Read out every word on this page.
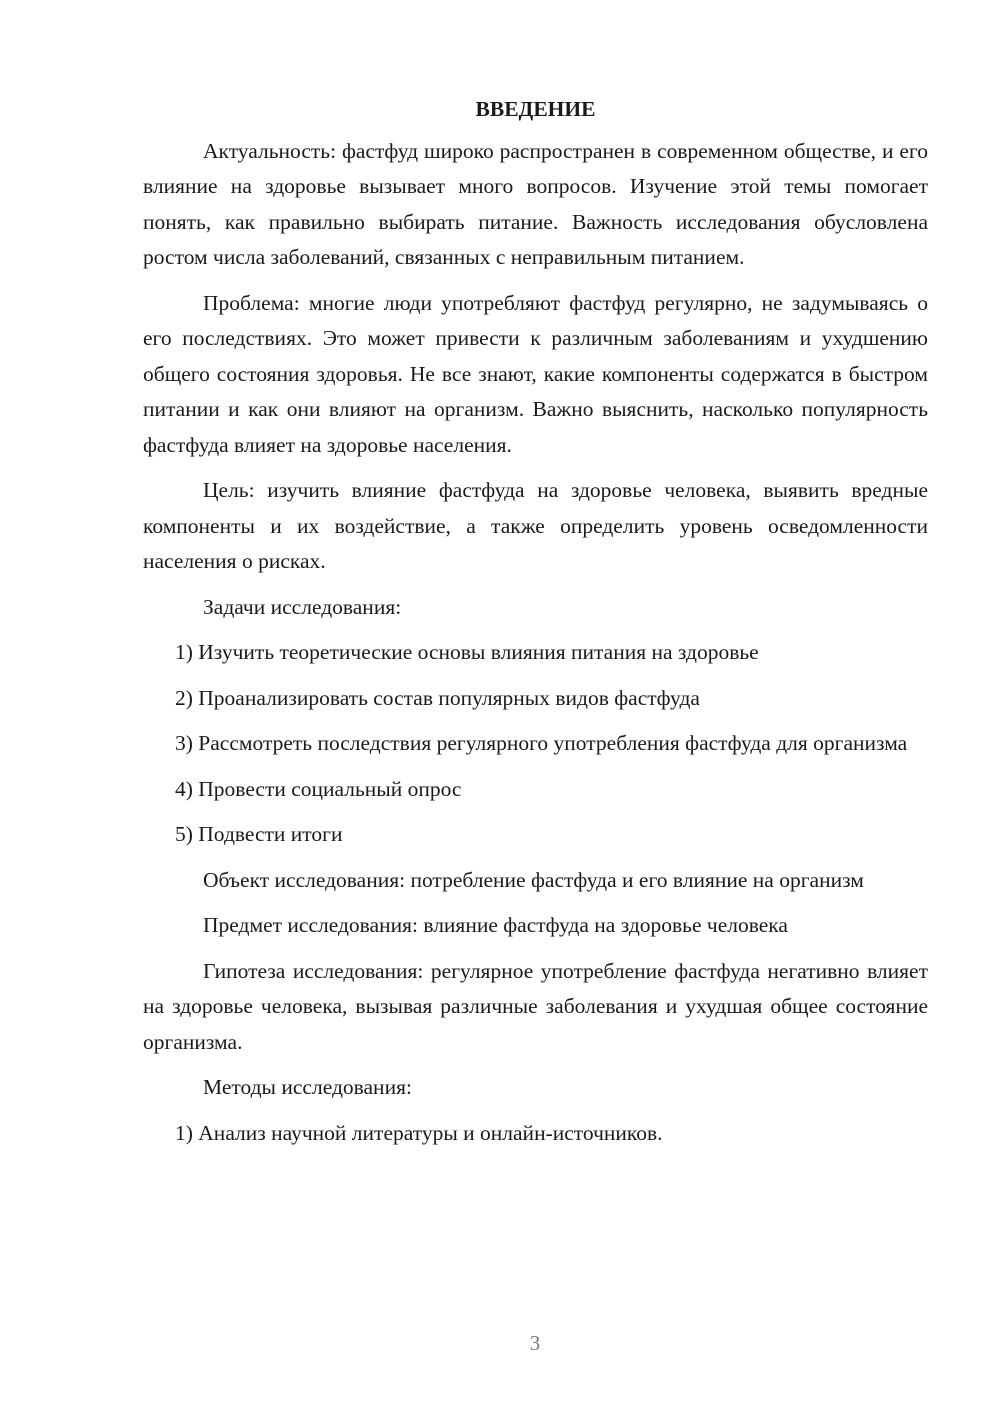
ВВЕДЕНИЕ

Актуальность: фастфуд широко распространен в современном обществе, и его влияние на здоровье вызывает много вопросов. Изучение этой темы помогает понять, как правильно выбирать питание. Важность исследования обусловлена ростом числа заболеваний, связанных с неправильным питанием.

Проблема: многие люди употребляют фастфуд регулярно, не задумываясь о его последствиях. Это может привести к различным заболеваниям и ухудшению общего состояния здоровья. Не все знают, какие компоненты содержатся в быстром питании и как они влияют на организм. Важно выяснить, насколько популярность фастфуда влияет на здоровье населения.

Цель: изучить влияние фастфуда на здоровье человека, выявить вредные компоненты и их воздействие, а также определить уровень осведомленности населения о рисках.

Задачи исследования:

1) Изучить теоретические основы влияния питания на здоровье

2) Проанализировать состав популярных видов фастфуда

3) Рассмотреть последствия регулярного употребления фастфуда для организма

4) Провести социальный опрос

5) Подвести итоги

Объект исследования: потребление фастфуда и его влияние на организм

Предмет исследования: влияние фастфуда на здоровье человека

Гипотеза исследования: регулярное употребление фастфуда негативно влияет на здоровье человека, вызывая различные заболевания и ухудшая общее состояние организма.

Методы исследования:

1) Анализ научной литературы и онлайн-источников.

3
